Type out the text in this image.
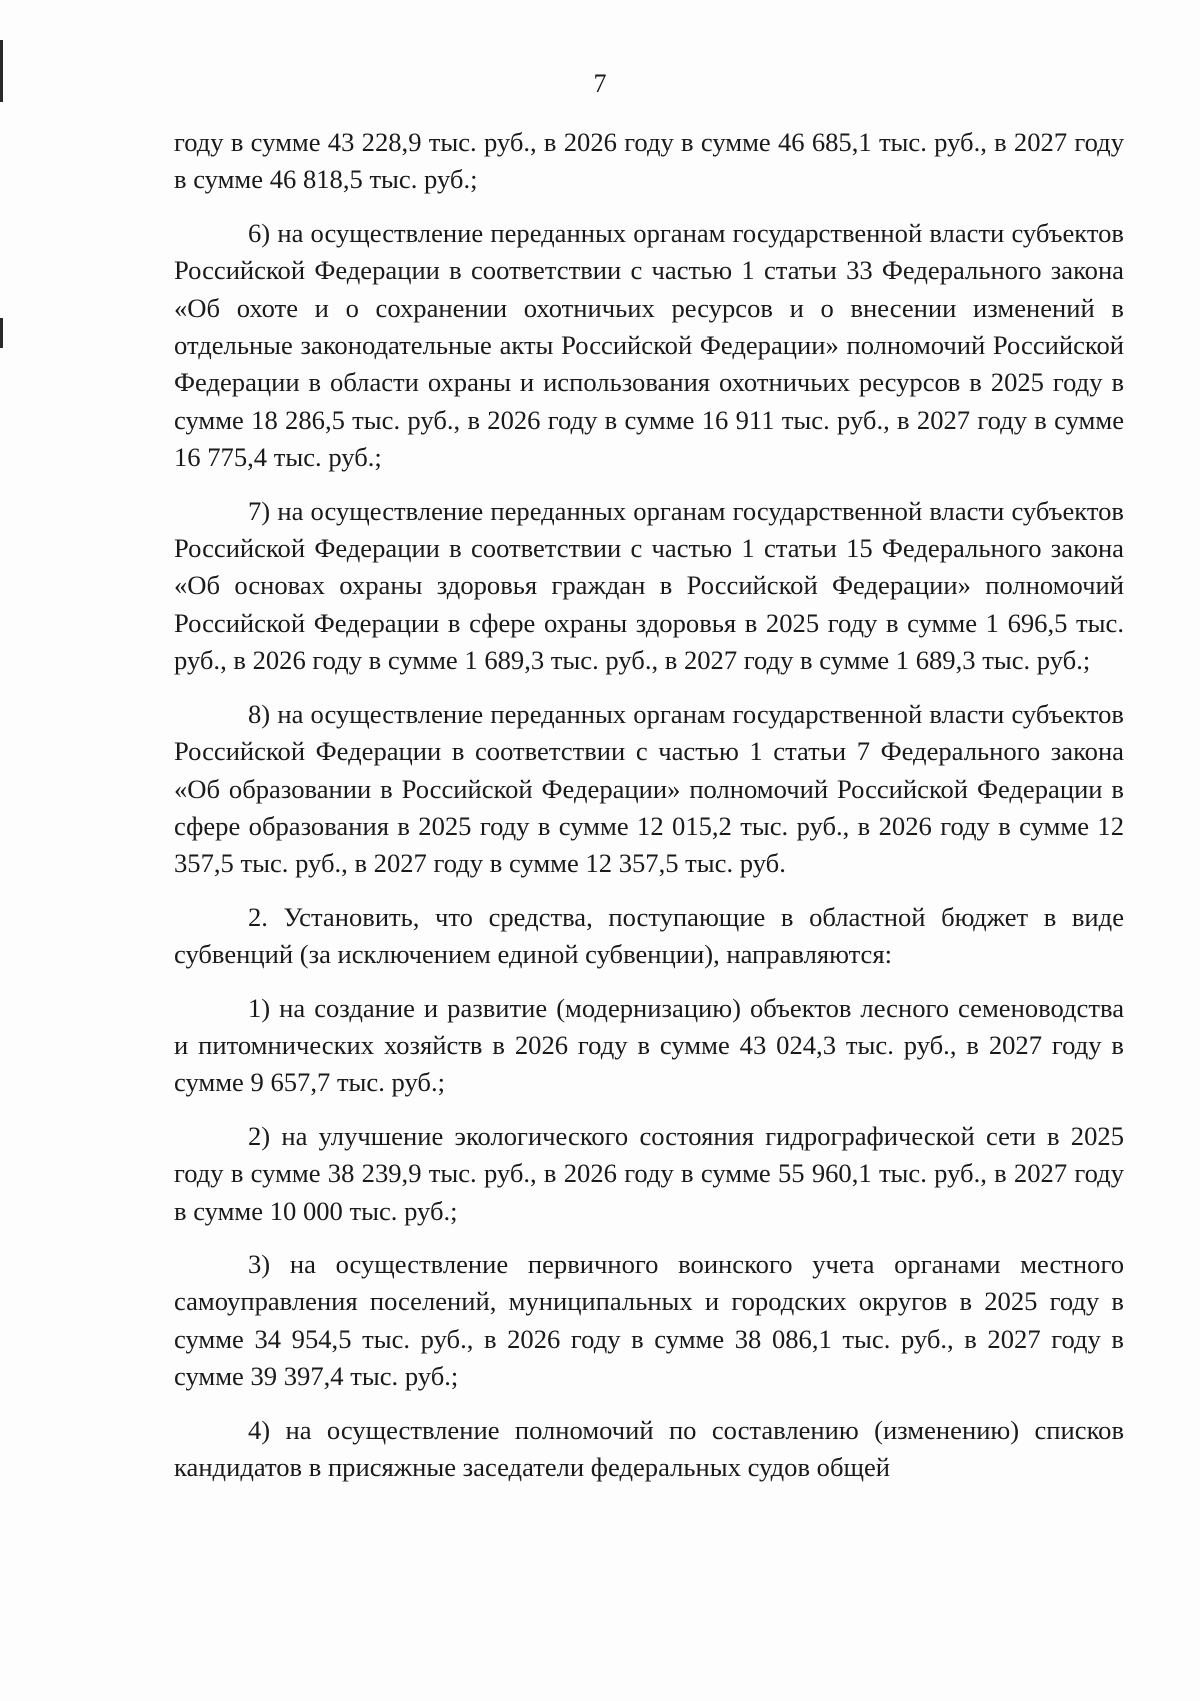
7

году в сумме 43 228,9 тыс. руб., в 2026 году в сумме 46 685,1 тыс. руб., в 2027 году в сумме 46 818,5 тыс. руб.;

6) на осуществление переданных органам государственной власти субъектов Российской Федерации в соответствии с частью 1 статьи 33 Федерального закона «Об охоте и о сохранении охотничьих ресурсов и о внесении изменений в отдельные законодательные акты Российской Федерации» полномочий Российской Федерации в области охраны и использования охотничьих ресурсов в 2025 году в сумме 18 286,5 тыс. руб., в 2026 году в сумме 16 911 тыс. руб., в 2027 году в сумме 16 775,4 тыс. руб.;

7) на осуществление переданных органам государственной власти субъектов Российской Федерации в соответствии с частью 1 статьи 15 Федерального закона «Об основах охраны здоровья граждан в Российской Федерации» полномочий Российской Федерации в сфере охраны здоровья в 2025 году в сумме 1 696,5 тыс. руб., в 2026 году в сумме 1 689,3 тыс. руб., в 2027 году в сумме 1 689,3 тыс. руб.;

8) на осуществление переданных органам государственной власти субъектов Российской Федерации в соответствии с частью 1 статьи 7 Федерального закона «Об образовании в Российской Федерации» полномочий Российской Федерации в сфере образования в 2025 году в сумме 12 015,2 тыс. руб., в 2026 году в сумме 12 357,5 тыс. руб., в 2027 году в сумме 12 357,5 тыс. руб.

2. Установить, что средства, поступающие в областной бюджет в виде субвенций (за исключением единой субвенции), направляются:

1) на создание и развитие (модернизацию) объектов лесного семеноводства и питомнических хозяйств в 2026 году в сумме 43 024,3 тыс. руб., в 2027 году в сумме 9 657,7 тыс. руб.;

2) на улучшение экологического состояния гидрографической сети в 2025 году в сумме 38 239,9 тыс. руб., в 2026 году в сумме 55 960,1 тыс. руб., в 2027 году в сумме 10 000 тыс. руб.;

3) на осуществление первичного воинского учета органами местного самоуправления поселений, муниципальных и городских округов в 2025 году в сумме 34 954,5 тыс. руб., в 2026 году в сумме 38 086,1 тыс. руб., в 2027 году в сумме 39 397,4 тыс. руб.;

4) на осуществление полномочий по составлению (изменению) списков кандидатов в присяжные заседатели федеральных судов общей
